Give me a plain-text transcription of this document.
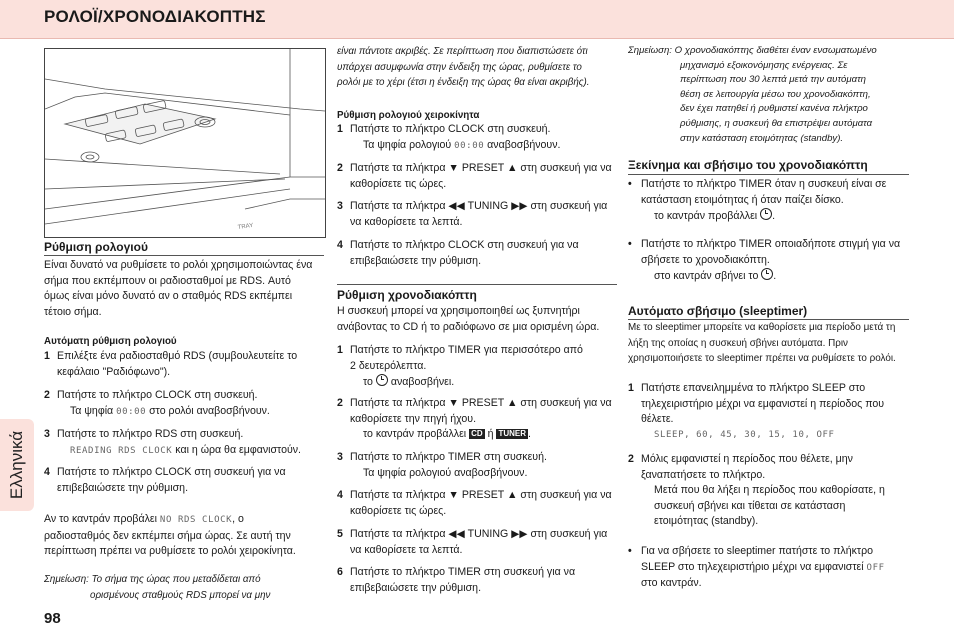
ΡΟΛΟΪ/ΧΡΟΝΟΔΙΑΚΟΠΤΗΣ
Ελληνικά
98
TRAY
Ρύθμιση ρολογιού
Είναι δυνατό να ρυθμίσετε το ρολόι χρησιμοποιώντας ένα
σήμα που εκπέμπουν οι ραδιοσταθμοί με RDS. Αυτό
όμως είναι μόνο δυνατό αν ο σταθμός RDS εκπέμπει
τέτοιο σήμα.
Αυτόματη ρύθμιση ρολογιού
1 Επιλέξτε ένα ραδιοσταθμό RDS (συμβουλευτείτε το
κεφάλαιο "Ραδιόφωνο").
2 Πατήστε το πλήκτρο CLOCK στη συσκευή.
Τα ψηφία 00:00 στο ρολόι αναβοσβήνουν.
3 Πατήστε το πλήκτρο RDS στη συσκευή.
READING RDS CLOCK και η ώρα θα εμφανιστούν.
4 Πατήστε το πλήκτρο CLOCK στη συσκευή για να
επιβεβαιώσετε την ρύθμιση.
Αν το καντράν προβάλει NO RDS CLOCK, ο
ραδιοσταθμός δεν εκπέμπει σήμα ώρας. Σε αυτή την
περίπτωση πρέπει να ρυθμίσετε το ρολόι χειροκίνητα.
Σημείωση: Το σήμα της ώρας που μεταδίδεται από
ορισμένους σταθμούς RDS μπορεί να μην
είναι πάντοτε ακριβές. Σε περίπτωση που διαπιστώσετε ότι
υπάρχει ασυμφωνία στην ένδειξη της ώρας, ρυθμίσετε το
ρολόι με το χέρι (έτσι η ένδειξη της ώρας θα είναι ακριβής).
Ρύθμιση ρολογιού χειροκίνητα
1 Πατήστε το πλήκτρο CLOCK στη συσκευή.
Τα ψηφία ρολογιού 00:00 αναβοσβήνουν.
2 Πατήστε τα πλήκτρα ▼ PRESET ▲ στη συσκευή για να
καθορίσετε τις ώρες.
3 Πατήστε τα πλήκτρα ◀◀ TUNING ▶▶ στη συσκευή για
να καθορίσετε τα λεπτά.
4 Πατήστε το πλήκτρο CLOCK στη συσκευή για να
επιβεβαιώσετε την ρύθμιση.
Ρύθμιση χρονοδιακόπτη
Η συσκευή μπορεί να χρησιμοποιηθεί ως ξυπνητήρι
ανάβοντας το CD ή το ραδιόφωνο σε μια ορισμένη ώρα.
1 Πατήστε το πλήκτρο TIMER για περισσότερο από
2 δευτερόλεπτα.
το  αναβοσβήνει.
2 Πατήστε τα πλήκτρα ▼ PRESET ▲ στη συσκευή για να
καθορίσετε την πηγή ήχου.
το καντράν προβάλλει CD ή TUNER .
3 Πατήστε το πλήκτρο TIMER στη συσκευή.
Τα ψηφία ρολογιού αναβοσβήνουν.
4 Πατήστε τα πλήκτρα ▼ PRESET ▲ στη συσκευή για να
καθορίσετε τις ώρες.
5 Πατήστε τα πλήκτρα ◀◀ TUNING ▶▶ στη συσκευή για
να καθορίσετε τα λεπτά.
6 Πατήστε το πλήκτρο TIMER στη συσκευή για να
επιβεβαιώσετε την ρύθμιση.
Σημείωση: Ο χρονοδιακόπτης διαθέτει έναν ενσωματωμένο
μηχανισμό εξοικονόμησης ενέργειας. Σε
περίπτωση που 30 λεπτά μετά την αυτόματη
θέση σε λειτουργία μέσω του χρονοδιακόπτη,
δεν έχει πατηθεί ή ρυθμιστεί κανένα πλήκτρο
ρύθμισης, η συσκευή θα επιστρέψει αυτόματα
στην κατάσταση ετοιμότητας (standby).
Ξεκίνημα και σβήσιμο του χρονοδιακόπτη
• Πατήστε το πλήκτρο TIMER όταν η συσκευή είναι σε
κατάσταση ετοιμότητας ή όταν παίζει δίσκο.
το καντράν προβάλλει .
• Πατήστε το πλήκτρο TIMER οποιαδήποτε στιγμή για να
σβήσετε το χρονοδιακόπτη.
στο καντράν σβήνει το .
Αυτόματο σβήσιμο (sleeptimer)
Με το sleeptimer μπορείτε να καθορίσετε μια περίοδο μετά τη
λήξη της οποίας η συσκευή σβήνει αυτόματα. Πριν
χρησιμοποιήσετε το sleeptimer πρέπει να ρυθμίσετε το ρολόι.
1 Πατήστε επανειλημμένα το πλήκτρο SLEEP στο
τηλεχειριστήριο μέχρι να εμφανιστεί η περίοδος που
θέλετε.
SLEEP, 60, 45, 30, 15, 10, OFF
2 Μόλις εμφανιστεί η περίοδος που θέλετε, μην
ξαναπατήσετε το πλήκτρο.
Μετά που θα λήξει η περίοδος που καθορίσατε, η
συσκευή σβήνει και τίθεται σε κατάσταση
ετοιμότητας (standby).
• Για να σβήσετε το sleeptimer πατήστε το πλήκτρο
SLEEP στο τηλεχειριστήριο μέχρι να εμφανιστεί OFF
στο καντράν.
